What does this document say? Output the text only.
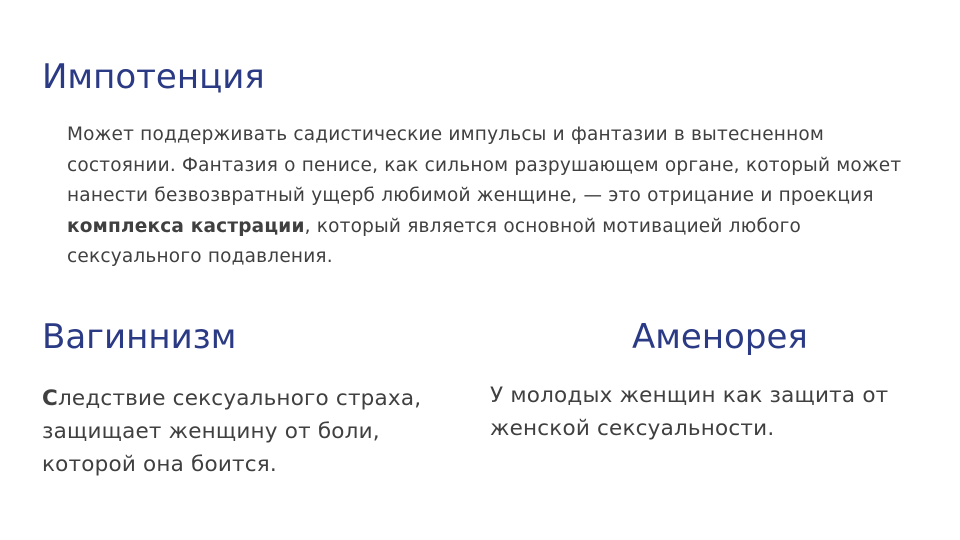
Импотенция

Может поддерживать садистические импульсы и фантазии в вытесненном состоянии. Фантазия о пенисе, как сильном разрушающем органе, который может нанести безвозвратный ущерб любимой женщине, — это отрицание и проекция комплекса кастрации, который является основной мотивацией любого сексуального подавления.

Вагиннизм

Следствие сексуального страха, защищает женщину от боли, которой она боится.

Аменорея

У молодых женщин как защита от женской сексуальности.
